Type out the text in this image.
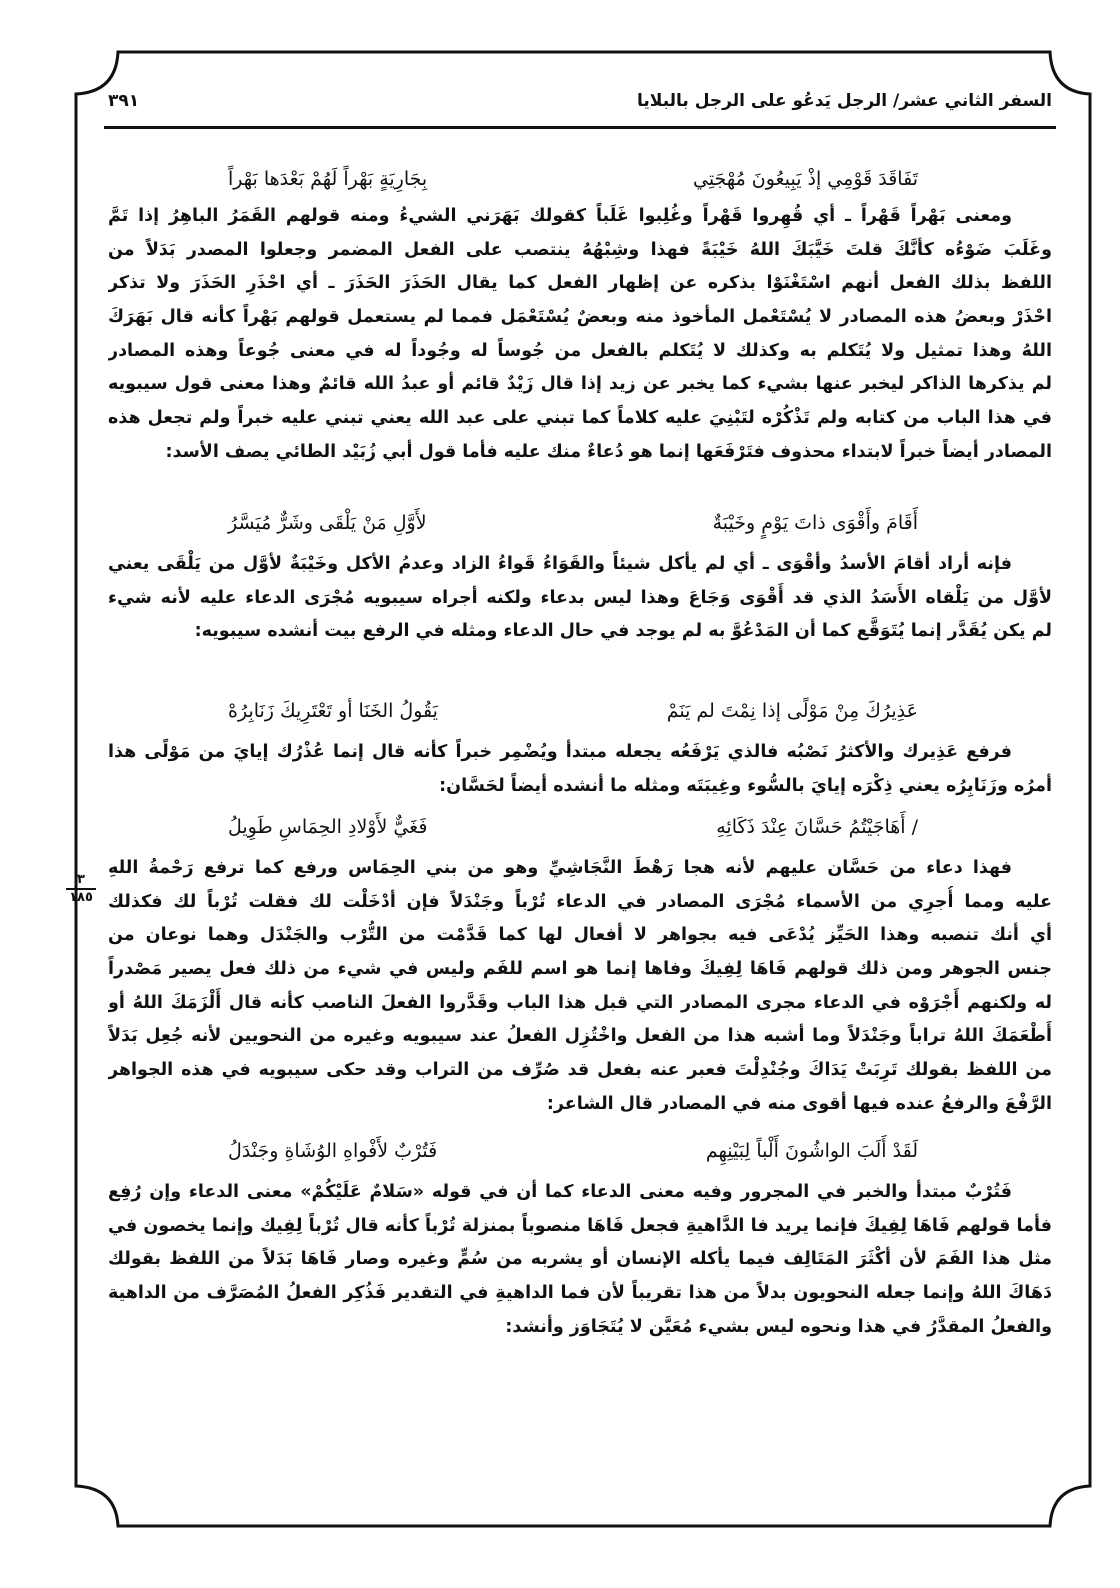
السفر الثاني عشر/ الرجل يَدعُو على الرجل بالبلايا
٣٩١
٣
١٨٥
تَفَاقَدَ قَوْمِي إذْ يَبِيعُونَ مُهْجَتِي
بِجَارِيَةٍ بَهْراً لَهُمْ بَعْدَها بَهْراً
أَقَامَ وأَقْوَى ذاتَ يَوْمٍ وخَيْبَةٌ
لأَوَّلِ مَنْ يَلْقَى وشَرٌّ مُيَسَّرُ
عَذِيرُكَ مِنْ مَوْلًى إذا نِمْتَ لم يَنَمْ
يَقُولُ الخَنَا أو تَعْتَرِيكَ زَنَابِرُهْ
/ أَهَاجَيْتُمُ حَسَّانَ عِنْدَ ذَكَائِهِ
فَغَيٌّ لأَوْلادِ الحِمَاسِ طَوِيلُ
لَقَدْ أَلَبَ الواشُونَ أَلْباً لِبَيْنِهِم
فَتُرْبٌ لأَفْواهِ الوُشَاةِ وجَنْدَلُ
ومعنى بَهْراً قَهْراً ـ أي قُهِروا قَهْراً وغُلِبوا غَلَباً كقولك بَهَرَني الشيءُ ومنه قولهم القَمَرُ الباهِرُ إذا تَمَّ
وغَلَبَ ضَوْءُه كأنَّكَ قلتَ خَيَّبَكَ اللهُ خَيْبَةً فهذا وشِبْهُهُ ينتصب على الفعل المضمر وجعلوا المصدر بَدَلاً من
اللفظ بذلك الفعل أنهم اسْتَغْنَوْا بذكره عن إظهار الفعل كما يقال الحَذَرَ الحَذَرَ ـ أي احْذَرِ الحَذَرَ ولا تذكر
احْذَرْ وبعضُ هذه المصادر لا يُسْتَعْمل المأخوذ منه وبعضٌ يُسْتَعْمَل فمما لم يستعمل قولهم بَهْراً كأنه قال بَهَرَكَ
اللهُ وهذا تمثيل ولا يُتَكلم به وكذلك لا يُتَكلم بالفعل من جُوساً له وجُوداً له في معنى جُوعاً وهذه المصادر
لم يذكرها الذاكر ليخبر عنها بشيء كما يخبر عن زيد إذا قال زَيْدٌ قائم أو عبدُ الله قائمٌ وهذا معنى قول سيبويه
في هذا الباب من كتابه ولم تَذْكُرْه لتَبْنِيَ عليه كلاماً كما تبني على عبد الله يعني تبني عليه خبراً ولم تجعل هذه
المصادر أيضاً خبراً لابتداء محذوف فتَرْفَعَها إنما هو دُعاءٌ منك عليه فأما قول أبي زُبَيْد الطائي يصف الأسد:
فإنه أراد أقامَ الأسدُ وأقْوَى ـ أي لم يأكل شيئاً والقَوَاءُ قَواءُ الزاد وعدمُ الأكل وخَيْبَةٌ لأوَّل من يَلْقَى يعني
لأوَّل من يَلْقاه الأَسَدُ الذي قد أَقْوَى وَجَاعَ وهذا ليس بدعاء ولكنه أجراه سيبويه مُجْرَى الدعاء عليه لأنه شيء
لم يكن يُقَدَّر إنما يُتَوَقَّع كما أن المَدْعُوَّ به لم يوجد في حال الدعاء ومثله في الرفع بيت أنشده سيبويه:
فرفع عَذِيرك والأكثرُ نَصْبُه فالذي يَرْفَعُه يجعله مبتدأ ويُضْمِر خبراً كأنه قال إنما عُذْرُك إيايَ من مَوْلًى هذا
أمرُه وزَنَابِرُه يعني ذِكْرَه إيايَ بالسُّوء وغِيبَتَه ومثله ما أنشده أيضاً لحَسَّان:
فهذا دعاء من حَسَّان عليهم لأنه هجا رَهْطَ النَّجَاشِيِّ وهو من بني الحِمَاس ورفع كما ترفع رَحْمةُ اللهِ
عليه ومما أُجرِي من الأسماء مُجْرَى المصادر في الدعاء تُرْباً وجَنْدَلاً فإن أدْخَلْت لك فقلت تُرْباً لك فكذلك
أي أنك تنصبه وهذا الحَيِّز يُدْعَى فيه بجواهر لا أفعال لها كما قَدَّمْت من التُّرْب والجَنْدَل وهما نوعان من
جنس الجوهر ومن ذلك قولهم فَاهَا لِفِيكَ وفاها إنما هو اسم للفَم وليس في شيء من ذلك فعل يصير مَصْدراً
له ولكنهم أَجْرَوْه في الدعاء مجرى المصادر التي قبل هذا الباب وقَدَّروا الفعلَ الناصب كأنه قال أَلْزَمَكَ اللهُ أو
أَطْعَمَكَ اللهُ تراباً وجَنْدَلاً وما أشبه هذا من الفعل واخْتُزِل الفعلُ عند سيبويه وغيره من النحويين لأنه جُعِل بَدَلاً
من اللفظ بقولك تَرِبَتْ يَدَاكَ وجُنْدِلْتَ فعبر عنه بفعل قد صُرِّف من التراب وقد حكى سيبويه في هذه الجواهر
الرَّفْعَ والرفعُ عنده فيها أقوى منه في المصادر قال الشاعر:
فَتُرْبٌ مبتدأ والخبر في المجرور وفيه معنى الدعاء كما أن في قوله «سَلامٌ عَلَيْكُمْ» معنى الدعاء وإن رُفِع
فأما قولهم فَاهَا لِفِيكَ فإنما يريد فا الدَّاهيةِ فجعل فَاهَا منصوباً بمنزلة تُرْباً كأنه قال تُرْباً لِفِيك وإنما يخصون في
مثل هذا الفَمَ لأن أكْثَرَ المَتَالِف فيما يأكله الإنسان أو يشربه من سُمٍّ وغيره وصار فَاهَا بَدَلاً من اللفظ بقولك
دَهَاكَ اللهُ وإنما جعله النحويون بدلاً من هذا تقريباً لأن فما الداهيةِ في التقدير فَذُكِر الفعلُ المُصَرَّف من الداهية
والفعلُ المقدَّرُ في هذا ونحوه ليس بشيء مُعَيَّن لا يُتَجَاوَز وأنشد:
